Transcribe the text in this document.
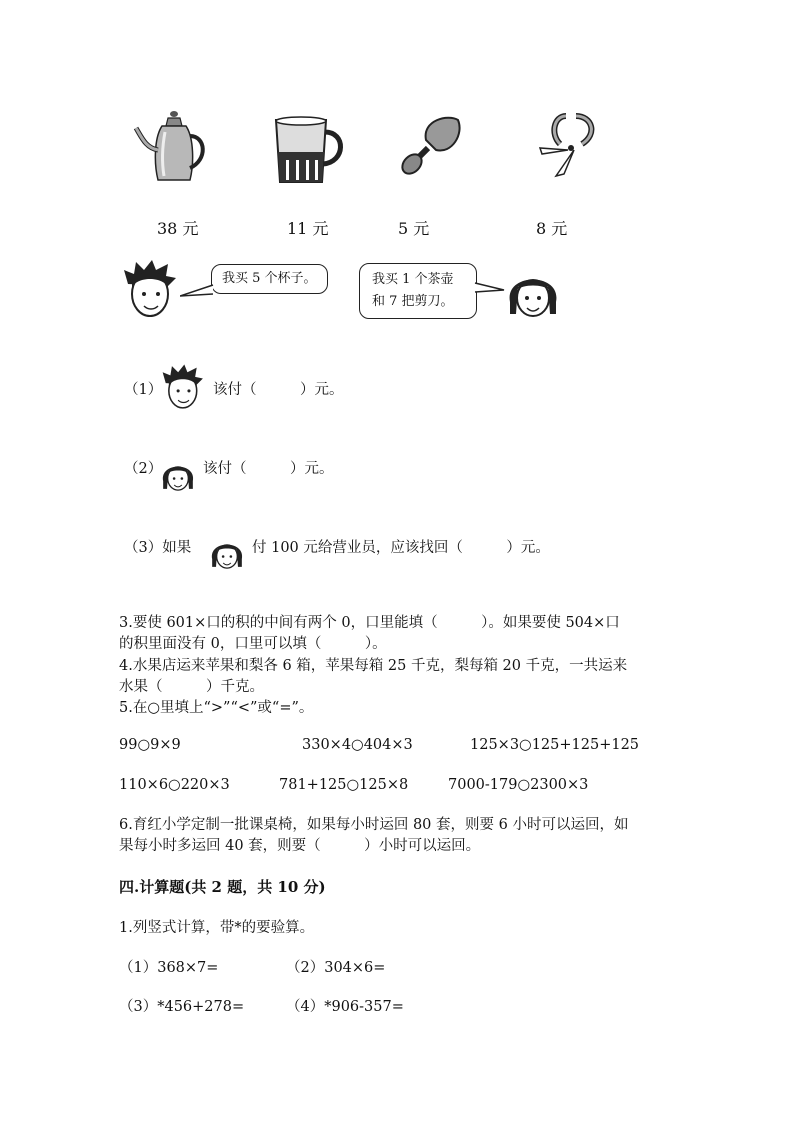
38 元	11 元	5 元	8 元
我买 5 个杯子。	我买 1 个茶壶
和 7 把剪刀。
（1）	该付（　　　）元。
（2）	该付（　　　）元。
（3）如果	付 100 元给营业员，应该找回（　　　）元。
3.要使 601×口的积的中间有两个 0，口里能填（　　　）。如果要使 504×口
的积里面没有 0，口里可以填（　　　）。
4.水果店运来苹果和梨各 6 箱，苹果每箱 25 千克，梨每箱 20 千克，一共运来
水果（　　　）千克。
5.在○里填上“>”“<”或“=”。
99○9×9	330×4○404×3	125×3○125+125+125
110×6○220×3	781+125○125×8	7000-179○2300×3
6.育红小学定制一批课桌椅，如果每小时运回 80 套，则要 6 小时可以运回，如
果每小时多运回 40 套，则要（　　　）小时可以运回。
四.计算题(共 2 题，共 10 分)
1.列竖式计算，带*的要验算。
（1）368×7=	（2）304×6=
（3）*456+278=	（4）*906-357=
